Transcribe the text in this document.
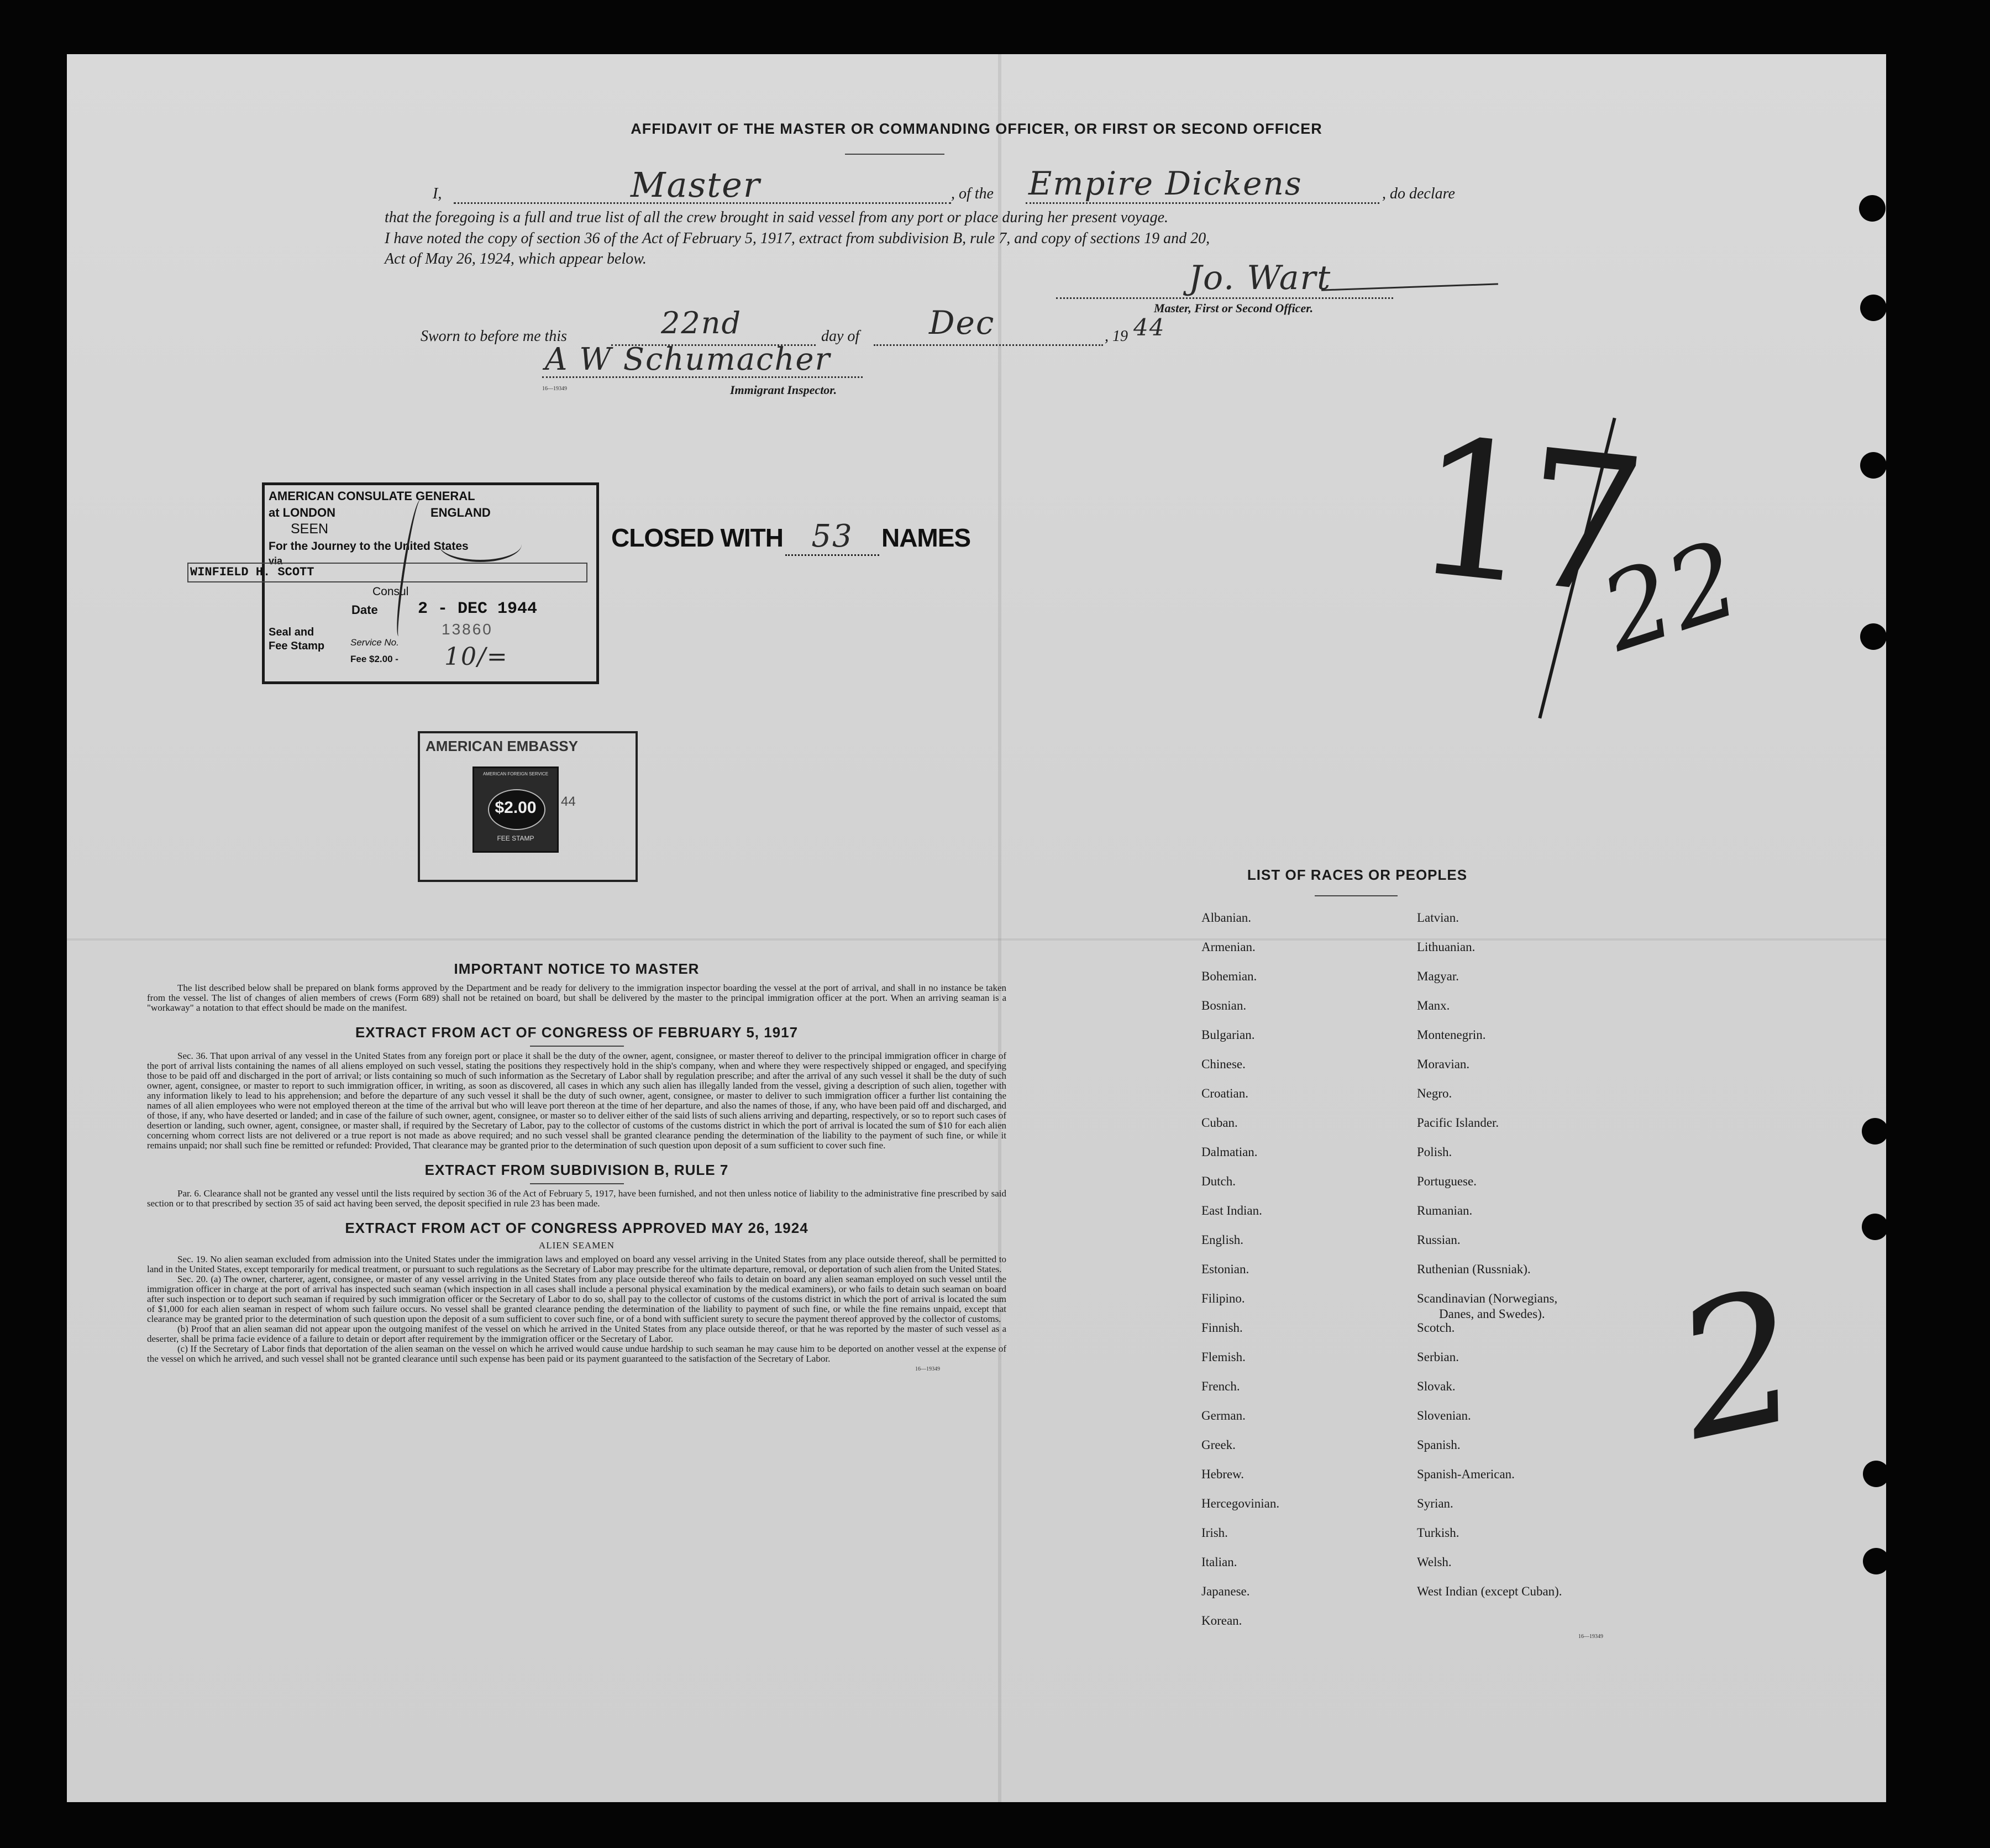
AFFIDAVIT OF THE MASTER OR COMMANDING OFFICER, OR FIRST OR SECOND OFFICER
I,	Master	, of the Empire Dickens	, do declare
that the foregoing is a full and true list of all the crew brought in said vessel from any port or place during her present voyage.
I have noted the copy of section 36 of the Act of February 5, 1917, extract from subdivision B, rule 7, and copy of sections 19 and 20,
Act of May 26, 1924, which appear below.	Jo. Wart
Master, First or Second Officer.
Sworn to before me this	22nd	day of Dec	, 19 44
A W Schumacher
16—19349	Immigrant Inspector.
AMERICAN CONSULATE GENERAL
at LONDON	ENGLAND
SEEN
For the Journey to the United States
via
WINFIELD H. SCOTT
Consul
Date 2 - DEC 1944
Seal and
Fee Stamp
13860
Service No.
Fee $2.00 - 10/=
CLOSED WITH 53 NAMES
AMERICAN EMBASSY
AMERICAN FOREIGN SERVICE
$2.00
FEE STAMP
44
17
22
2
IMPORTANT NOTICE TO MASTER

The list described below shall be prepared on blank forms approved by the Department and be ready for delivery to the immigration inspector boarding the vessel at the port of arrival, and shall in no instance be taken from the vessel. The list of changes of alien members of crews (Form 689) shall not be retained on board, but shall be delivered by the master to the principal immigration officer at the port. When an arriving seaman is a "workaway" a notation to that effect should be made on the manifest.

EXTRACT FROM ACT OF CONGRESS OF FEBRUARY 5, 1917

Sec. 36. That upon arrival of any vessel in the United States from any foreign port or place it shall be the duty of the owner, agent, consignee, or master thereof to deliver to the principal immigration officer in charge of the port of arrival lists containing the names of all aliens employed on such vessel, stating the positions they respectively hold in the ship's company, when and where they were respectively shipped or engaged, and specifying those to be paid off and discharged in the port of arrival; or lists containing so much of such information as the Secretary of Labor shall by regulation prescribe; and after the arrival of any such vessel it shall be the duty of such owner, agent, consignee, or master to report to such immigration officer, in writing, as soon as discovered, all cases in which any such alien has illegally landed from the vessel, giving a description of such alien, together with any information likely to lead to his apprehension; and before the departure of any such vessel it shall be the duty of such owner, agent, consignee, or master to deliver to such immigration officer a further list containing the names of all alien employees who were not employed thereon at the time of the arrival but who will leave port thereon at the time of her departure, and also the names of those, if any, who have been paid off and discharged, and of those, if any, who have deserted or landed; and in case of the failure of such owner, agent, consignee, or master so to deliver either of the said lists of such aliens arriving and departing, respectively, or so to report such cases of desertion or landing, such owner, agent, consignee, or master shall, if required by the Secretary of Labor, pay to the collector of customs of the customs district in which the port of arrival is located the sum of $10 for each alien concerning whom correct lists are not delivered or a true report is not made as above required; and no such vessel shall be granted clearance pending the determination of the liability to the payment of such fine, or while it remains unpaid; nor shall such fine be remitted or refunded: Provided, That clearance may be granted prior to the determination of such question upon deposit of a sum sufficient to cover such fine.

EXTRACT FROM SUBDIVISION B, RULE 7

Par. 6. Clearance shall not be granted any vessel until the lists required by section 36 of the Act of February 5, 1917, have been furnished, and not then unless notice of liability to the administrative fine prescribed by said section or to that prescribed by section 35 of said act having been served, the deposit specified in rule 23 has been made.

EXTRACT FROM ACT OF CONGRESS APPROVED MAY 26, 1924
ALIEN SEAMEN

Sec. 19. No alien seaman excluded from admission into the United States under the immigration laws and employed on board any vessel arriving in the United States from any place outside thereof, shall be permitted to land in the United States, except temporarily for medical treatment, or pursuant to such regulations as the Secretary of Labor may prescribe for the ultimate departure, removal, or deportation of such alien from the United States.

Sec. 20. (a) The owner, charterer, agent, consignee, or master of any vessel arriving in the United States from any place outside thereof who fails to detain on board any alien seaman employed on such vessel until the immigration officer in charge at the port of arrival has inspected such seaman (which inspection in all cases shall include a personal physical examination by the medical examiners), or who fails to detain such seaman on board after such inspection or to deport such seaman if required by such immigration officer or the Secretary of Labor to do so, shall pay to the collector of customs of the customs district in which the port of arrival is located the sum of $1,000 for each alien seaman in respect of whom such failure occurs. No vessel shall be granted clearance pending the determination of the liability to payment of such fine, or while the fine remains unpaid, except that clearance may be granted prior to the determination of such question upon the deposit of a sum sufficient to cover such fine, or of a bond with sufficient surety to secure the payment thereof approved by the collector of customs.

(b) Proof that an alien seaman did not appear upon the outgoing manifest of the vessel on which he arrived in the United States from any place outside thereof, or that he was reported by the master of such vessel as a deserter, shall be prima facie evidence of a failure to detain or deport after requirement by the immigration officer or the Secretary of Labor.

(c) If the Secretary of Labor finds that deportation of the alien seaman on the vessel on which he arrived would cause undue hardship to such seaman he may cause him to be deported on another vessel at the expense of the vessel on which he arrived, and such vessel shall not be granted clearance until such expense has been paid or its payment guaranteed to the satisfaction of the Secretary of Labor.

16—19349
LIST OF RACES OR PEOPLES
Albanian.
Armenian.
Bohemian.
Bosnian.
Bulgarian.
Chinese.
Croatian.
Cuban.
Dalmatian.
Dutch.
East Indian.
English.
Estonian.
Filipino.
Finnish.
Flemish.
French.
German.
Greek.
Hebrew.
Hercegovinian.
Irish.
Italian.
Japanese.
Korean.
Latvian.
Lithuanian.
Magyar.
Manx.
Montenegrin.
Moravian.
Negro.
Pacific Islander.
Polish.
Portuguese.
Rumanian.
Russian.
Ruthenian (Russniak).
Scandinavian (Norwegians,
Danes, and Swedes).
Scotch.
Serbian.
Slovak.
Slovenian.
Spanish.
Spanish-American.
Syrian.
Turkish.
Welsh.
West Indian (except Cuban).
16—19349
